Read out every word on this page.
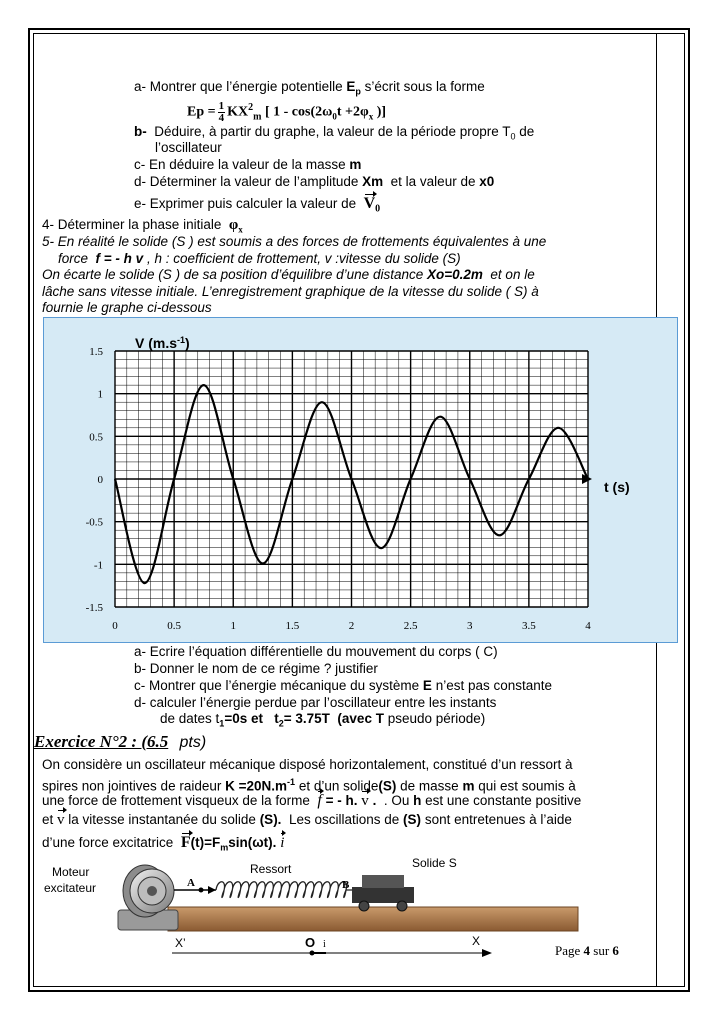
a- Montrer que l’énergie potentielle $E_p$ s’écrit sous la forme
$Ep = \frac{1}{4} KX^2_m$ [ $1 - \cos(2\omega_0t +2\varphi_x$ )]
b- Déduire, à partir du graphe, la valeur de la période propre $T_0$ de
l’oscillateur
c- En déduire la valeur de la masse m
d- Déterminer la valeur de l’amplitude Xm et la valeur de x0
e- Exprimer puis calculer la valeur de $V_0$
4- Déterminer la phase initiale $\varphi_x$
5- En réalité le solide (S ) est soumis a des forces de frottements équivalentes à une
force f = - h v , h : coefficient de frottement, v :vitesse du solide (S)
On écarte le solide (S ) de sa position d’équilibre d’une distance Xo=0.2m et on le
lâche sans vitesse initiale. L’enregistrement graphique de la vitesse du solide ( S) à
fournie le graphe ci-dessous
1.5
1
0.5
0
-0.5
-1
-1.5
0	0.5	1	1.5	2	2.5	3	3.5	4
V $(m.s^{-1})$
t (s)
a- Ecrire l’équation différentielle du mouvement du corps ( C)
b- Donner le nom de ce régime ? justifier
c- Montrer que l’énergie mécanique du système E n’est pas constante
d- calculer l’énergie perdue par l’oscillateur entre les instants
de dates $t_1=0s$ et $t_2= 3.75T$ (avec T pseudo période)
Exercice N°2 : (6.5 pts)
On considère un oscillateur mécanique disposé horizontalement, constitué d’un ressort à
spires non jointives de raideur $K =20N.m^{-1}$ et d’un solide(S) de masse m qui est soumis à
une force de frottement visqueux de la forme f = - h. v . . Ou h est une constante positive
et v la vitesse instantanée du solide (S). Les oscillations de (S) sont entretenues à l’aide
d’une force excitatrice $F(t)=F_m\sin(\omega t)$. i
Moteur
excitateur	A
Ressort
B
Solide S
X’	O i	X
Page 4 sur 6
